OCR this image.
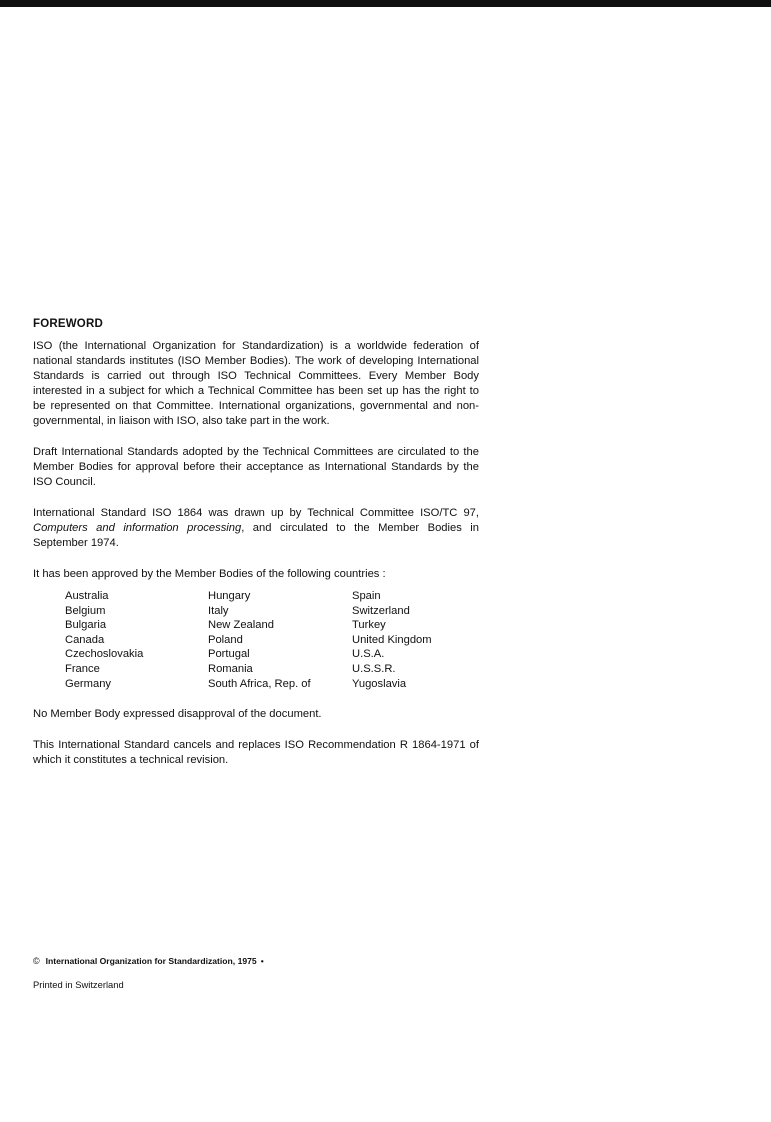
FOREWORD

ISO (the International Organization for Standardization) is a worldwide federation of national standards institutes (ISO Member Bodies). The work of developing International Standards is carried out through ISO Technical Committees. Every Member Body interested in a subject for which a Technical Committee has been set up has the right to be represented on that Committee. International organizations, governmental and non-governmental, in liaison with ISO, also take part in the work.

Draft International Standards adopted by the Technical Committees are circulated to the Member Bodies for approval before their acceptance as International Standards by the ISO Council.

International Standard ISO 1864 was drawn up by Technical Committee ISO/TC 97, Computers and information processing, and circulated to the Member Bodies in September 1974.

It has been approved by the Member Bodies of the following countries :

Australia	Hungary	Spain
Belgium	Italy	Switzerland
Bulgaria	New Zealand	Turkey
Canada	Poland	United Kingdom
Czechoslovakia	Portugal	U.S.A.
France	Romania	U.S.S.R.
Germany	South Africa, Rep. of	Yugoslavia

No Member Body expressed disapproval of the document.

This International Standard cancels and replaces ISO Recommendation R 1864-1971 of which it constitutes a technical revision.

© International Organization for Standardization, 1975 •
Printed in Switzerland
